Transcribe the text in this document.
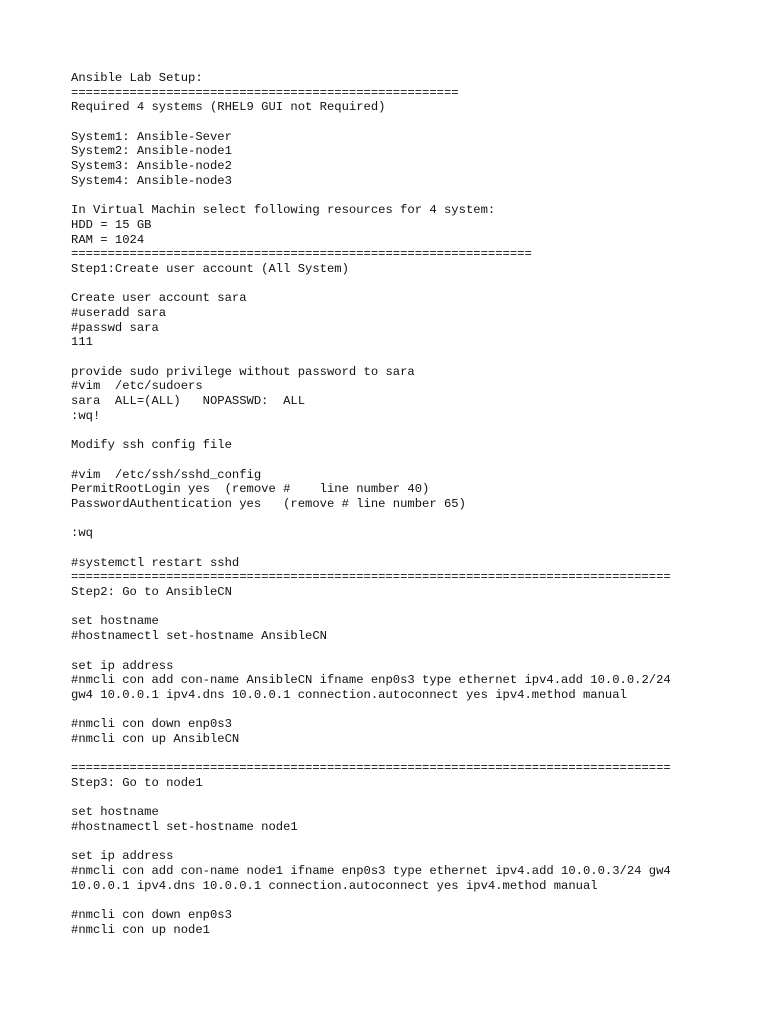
Ansible Lab Setup:
=====================================================
Required 4 systems (RHEL9 GUI not Required)
System1: Ansible-Sever
System2: Ansible-node1
System3: Ansible-node2
System4: Ansible-node3
In Virtual Machin select following resources for 4 system:
HDD = 15 GB
RAM = 1024
===============================================================
Step1:Create user account (All System)
Create user account sara
#useradd sara
#passwd sara
111
provide sudo privilege without password to sara
#vim  /etc/sudoers
sara  ALL=(ALL)   NOPASSWD:  ALL
:wq!
Modify ssh config file
#vim  /etc/ssh/sshd_config
PermitRootLogin yes  (remove #    line number 40)
PasswordAuthentication yes   (remove # line number 65)
:wq
#systemctl restart sshd
==================================================================================
Step2: Go to AnsibleCN
set hostname
#hostnamectl set-hostname AnsibleCN
set ip address
#nmcli con add con-name AnsibleCN ifname enp0s3 type ethernet ipv4.add 10.0.0.2/24
gw4 10.0.0.1 ipv4.dns 10.0.0.1 connection.autoconnect yes ipv4.method manual
#nmcli con down enp0s3
#nmcli con up AnsibleCN
==================================================================================
Step3: Go to node1
set hostname
#hostnamectl set-hostname node1
set ip address
#nmcli con add con-name node1 ifname enp0s3 type ethernet ipv4.add 10.0.0.3/24 gw4
10.0.0.1 ipv4.dns 10.0.0.1 connection.autoconnect yes ipv4.method manual
#nmcli con down enp0s3
#nmcli con up node1
